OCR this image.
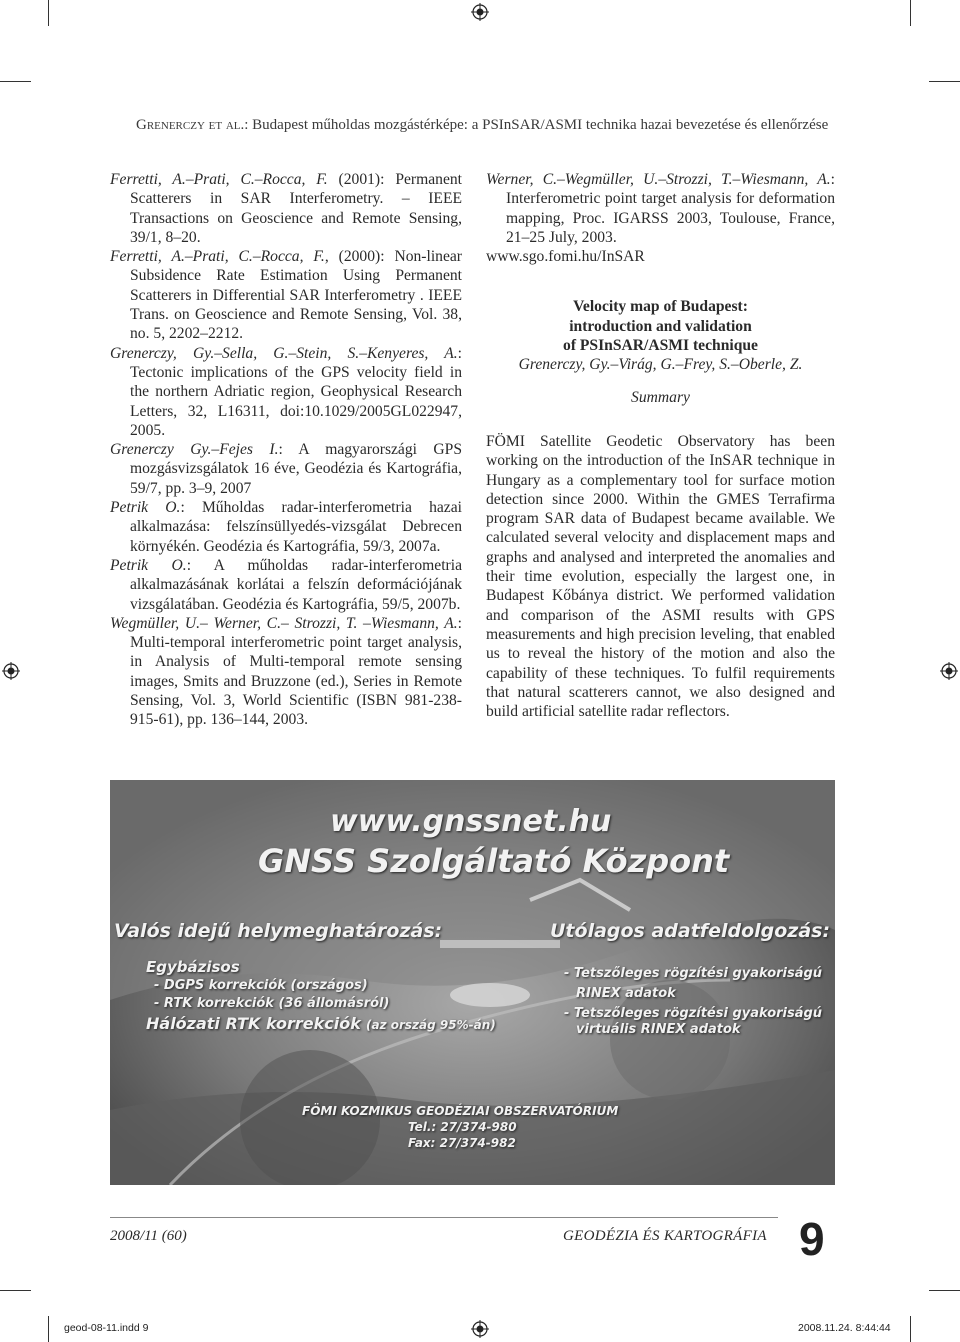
Grenerczy et al.: Budapest műholdas mozgástérképe: a PSInSAR/ASMI technika hazai bevezetése és ellenőrzése

Ferretti, A.–Prati, C.–Rocca, F. (2001): Permanent Scatterers in SAR Interferometry. – IEEE Transactions on Geoscience and Remote Sensing, 39/1, 8–20.

Ferretti, A.–Prati, C.–Rocca, F., (2000): Non-linear Subsidence Rate Estimation Using Permanent Scatterers in Differential SAR Interferometry . IEEE Trans. on Geoscience and Remote Sensing, Vol. 38, no. 5, 2202–2212.

Grenerczy, Gy.–Sella, G.–Stein, S.–Kenyeres, A.: Tectonic implications of the GPS velocity field in the northern Adriatic region, Geophysical Research Letters, 32, L16311, doi:10.1029/2005GL022947, 2005.

Grenerczy Gy.–Fejes I.: A magyarországi GPS mozgásvizsgálatok 16 éve, Geodézia és Kartográfia, 59/7, pp. 3–9, 2007

Petrik O.: Műholdas radar-interferometria hazai alkalmazása: felszínsüllyedés-vizsgálat Debrecen környékén. Geodézia és Kartográfia, 59/3, 2007a.

Petrik O.: A műholdas radar-interferometria alkalmazásának korlátai a felszín deformációjának vizsgálatában. Geodézia és Kartográfia, 59/5, 2007b.

Wegmüller, U.– Werner, C.– Strozzi, T. –Wiesmann, A.: Multi-temporal interferometric point target analysis, in Analysis of Multi-temporal remote sensing images, Smits and Bruzzone (ed.), Series in Remote Sensing, Vol. 3, World Scientific (ISBN 981-238-915-61), pp. 136–144, 2003.

Werner, C.–Wegmüller, U.–Strozzi, T.–Wiesmann, A.: Interferometric point target analysis for deformation mapping, Proc. IGARSS 2003, Toulouse, France, 21–25 July, 2003.

www.sgo.fomi.hu/InSAR

Velocity map of Budapest:
introduction and validation
of PSInSAR/ASMI technique

Grenerczy, Gy.–Virág, G.–Frey, S.–Oberle, Z.

Summary

FÖMI Satellite Geodetic Observatory has been working on the introduction of the InSAR technique in Hungary as a complementary tool for surface motion detection since 2000. Within the GMES Terrafirma program SAR data of Budapest became available. We calculated several velocity and displacement maps and graphs and analysed and interpreted the anomalies and their time evolution, especially the largest one, in Budapest Kőbánya district. We performed validation and comparison of the ASMI results with GPS measurements and high precision leveling, that enabled us to reveal the history of the motion and also the capability of these techniques. To fulfil requirements that natural scatterers cannot, we also designed and build artificial satellite radar reflectors.

www.gnssnet.hu
GNSS Szolgáltató Központ
Valós idejű helymeghatározás:
Egybázisos
- DGPS korrekciók (országos)
- RTK korrekciók (36 állomásról)
Hálózati RTK korrekciók (az ország 95%-án)
Utólagos adatfeldolgozás:
- Tetszőleges rögzítési gyakoriságú
RINEX adatok
- Tetszőleges rögzítési gyakoriságú
virtuális RINEX adatok
FÖMI KOZMIKUS GEODÉZIAI OBSZERVATÓRIUM
Tel.: 27/374-980
Fax: 27/374-982
2008/11 (60)	GEODÉZIA ÉS KARTOGRÁFIA 9
geod-08-11.indd 9	2008.11.24. 8:44:44
